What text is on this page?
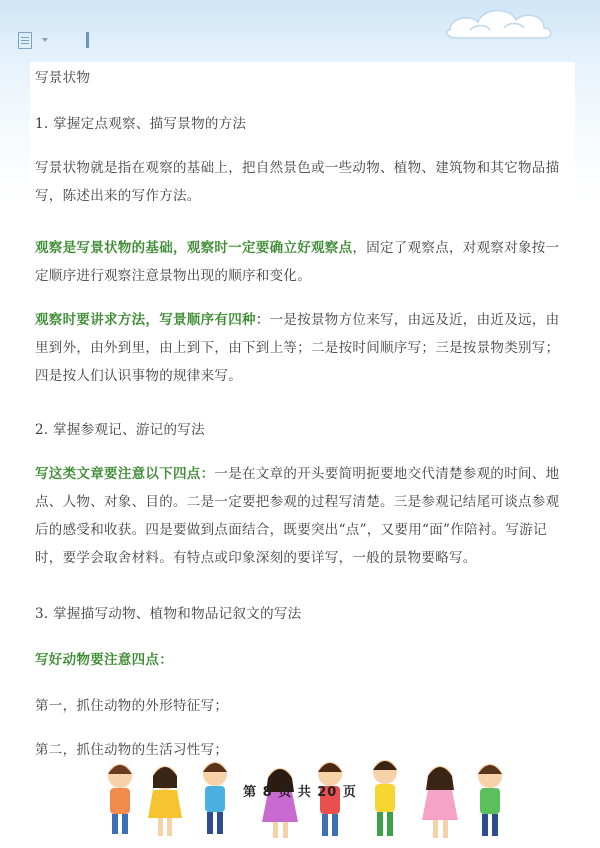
写景状物

1. 掌握定点观察、描写景物的方法

写景状物就是指在观察的基础上，把自然景色或一些动物、植物、建筑物和其它物品描写，陈述出来的写作方法。

观察是写景状物的基础，观察时一定要确立好观察点，固定了观察点，对观察对象按一定顺序进行观察注意景物出现的顺序和变化。

观察时要讲求方法，写景顺序有四种：一是按景物方位来写，由远及近，由近及远，由里到外，由外到里，由上到下，由下到上等；二是按时间顺序写；三是按景物类别写；四是按人们认识事物的规律来写。

2. 掌握参观记、游记的写法

写这类文章要注意以下四点：一是在文章的开头要简明扼要地交代清楚参观的时间、地点、人物、对象、目的。二是一定要把参观的过程写清楚。三是参观记结尾可谈点参观后的感受和收获。四是要做到点面结合，既要突出“点”，又要用“面”作陪衬。写游记时，要学会取舍材料。有特点或印象深刻的要详写，一般的景物要略写。

3. 掌握描写动物、植物和物品记叙文的写法

写好动物要注意四点：

第一，抓住动物的外形特征写；

第二，抓住动物的生活习性写；

第 8 页 共 20 页
